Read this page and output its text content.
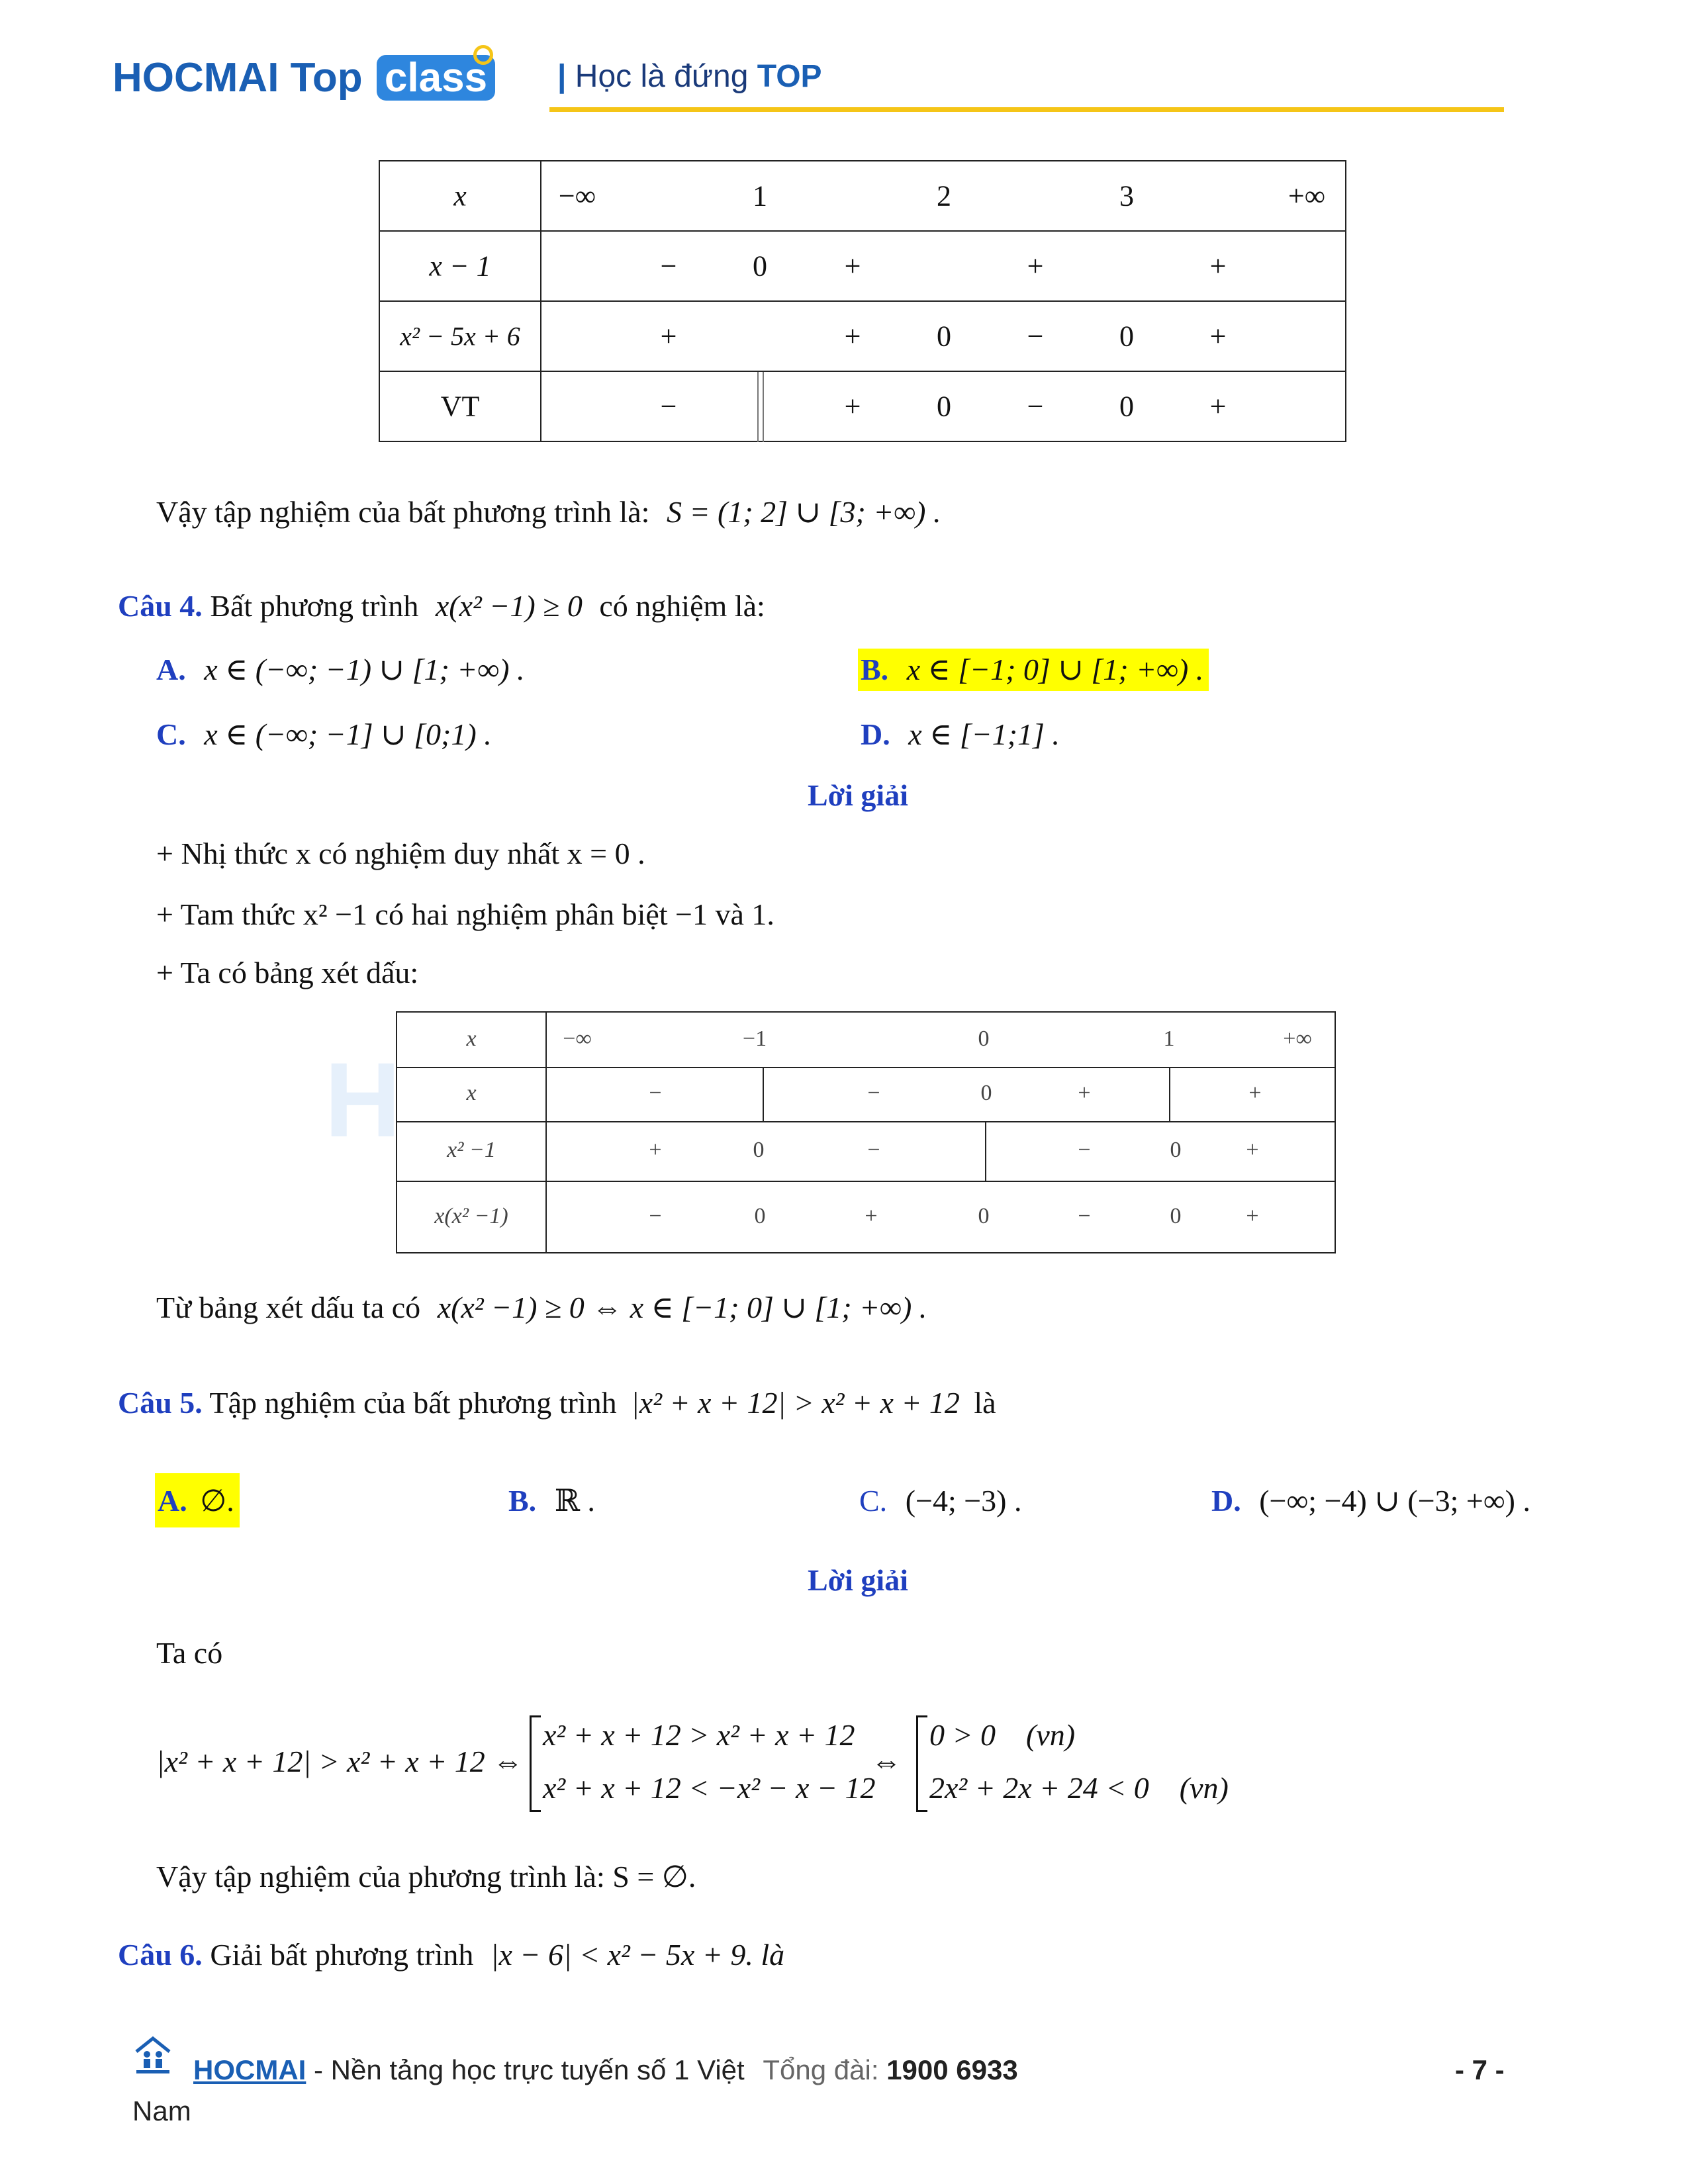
HOCMAI Top class | Học là đứng TOP
x	−∞	1	2	3	+∞
x − 1	−	0	+	+	+
x² − 5x + 6	+	+	0	−	0	+
VT	−	+	0	−	0	+
Vậy tập nghiệm của bất phương trình là: S = (1; 2] ∪ [3; +∞) .
Câu 4. Bất phương trình x(x² −1) ≥ 0 có nghiệm là:
A. x ∈ (−∞; −1) ∪ [1; +∞) .	B. x ∈ [−1; 0] ∪ [1; +∞) .
C. x ∈ (−∞; −1] ∪ [0;1) .	D. x ∈ [−1;1] .
Lời giải
+ Nhị thức x có nghiệm duy nhất x = 0 .
+ Tam thức x² −1 có hai nghiệm phân biệt −1 và 1.
+ Ta có bảng xét dấu:
H
x	−∞	−1	0	1	+∞
x	−	−	0	+	+
x² −1	+	0	−	−	0	+
x(x² −1)	−	0	+	0	−	0	+
Từ bảng xét dấu ta có x(x² −1) ≥ 0 ⇔ x ∈ [−1; 0] ∪ [1; +∞) .
Câu 5. Tập nghiệm của bất phương trình |x² + x + 12| > x² + x + 12 là
A. ∅.	B. ℝ .	C. (−4; −3) .	D. (−∞; −4) ∪ (−3; +∞) .
Lời giải
Ta có
|x² + x + 12| > x² + x + 12 ⇔
x² + x + 12 > x² + x + 12
x² + x + 12 < −x² − x − 12
⇔
0 > 0    (vn)
2x² + 2x + 24 < 0    (vn)
Vậy tập nghiệm của phương trình là: S = ∅.
Câu 6. Giải bất phương trình |x − 6| < x² − 5x + 9. là
HOCMAI - Nền tảng học trực tuyến số 1 Việt Tổng đài: 1900 6933
Nam
- 7 -
